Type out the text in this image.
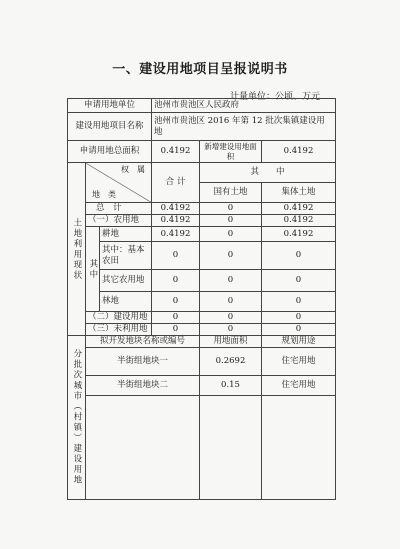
一、建设用地项目呈报说明书
计量单位：公顷、万元
申请用地单位			池州市贵池区人民政府		
建设用地项目名称			池州市贵池区 2016 年第 12 批次集镇建设用地		
申请用地总面积			0.4192	新增建设用地面积	0.4192
土地利用现状	权　属
地　类		合 计	其　　中	
				国有土地	集体土地
	总　计		0.4192	0	0.4192
	（一）农用地		0.4192	0	0.4192
	其中	耕地	0.4192	0	0.4192
		其中：基本农田	0	0	0
		其它农用地	0	0	0
		林地	0	0	0
	（二）建设用地		0	0	0
	（三）未利用地		0	0	0
分批次城市（村镇）建设用地	拟开发地块名称或编号			用地面积	规划用途
	半街组地块一			0.2692	住宅用地
	半街组地块二			0.15	住宅用地
